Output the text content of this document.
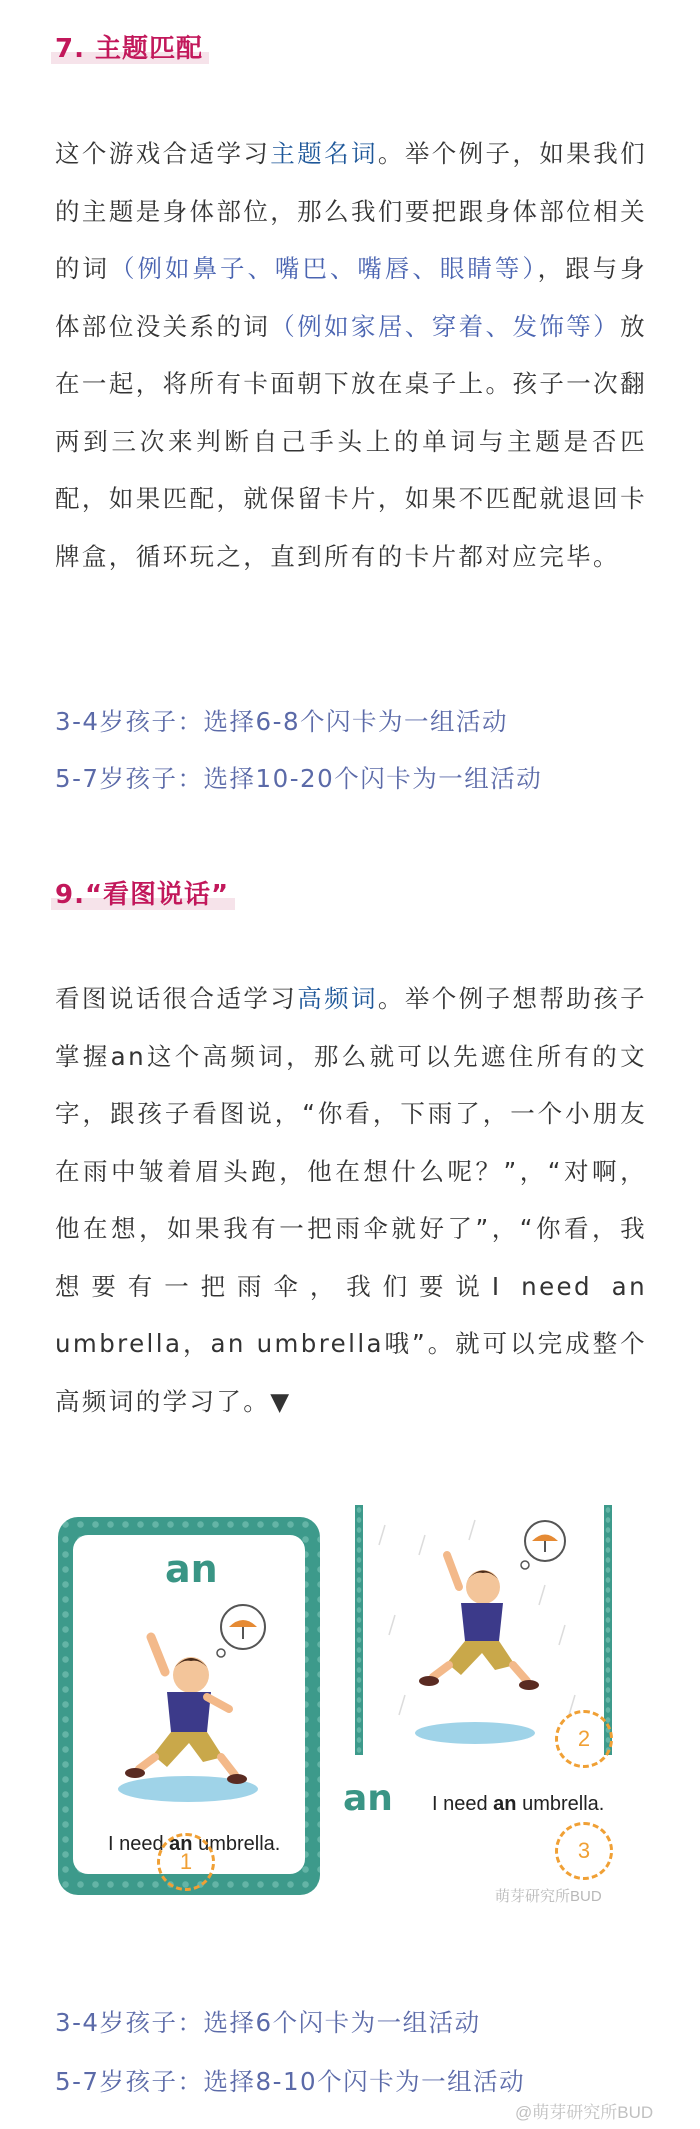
7. 主题匹配
这个游戏合适学习主题名词。举个例子，如果我们的主题是身体部位，那么我们要把跟身体部位相关的词（例如鼻子、嘴巴、嘴唇、眼睛等），跟与身体部位没关系的词（例如家居、穿着、发饰等）放在一起，将所有卡面朝下放在桌子上。孩子一次翻两到三次来判断自己手头上的单词与主题是否匹配，如果匹配，就保留卡片，如果不匹配就退回卡牌盒，循环玩之，直到所有的卡片都对应完毕。
3-4岁孩子：选择6-8个闪卡为一组活动
5-7岁孩子：选择10-20个闪卡为一组活动
9.“看图说话”
看图说话很合适学习高频词。举个例子想帮助孩子掌握an这个高频词，那么就可以先遮住所有的文字，跟孩子看图说，“你看，下雨了，一个小朋友在雨中皱着眉头跑，他在想什么呢？”，“对啊，他在想，如果我有一把雨伞就好了”，“你看，我想要有一把雨伞，我们要说I need an umbrella，an umbrella哦”。就可以完成整个高频词的学习了。▼
an
I need an umbrella.
1
2
an I need an umbrella.
3
萌芽研究所BUD
3-4岁孩子：选择6个闪卡为一组活动
5-7岁孩子：选择8-10个闪卡为一组活动
@萌芽研究所BUD
